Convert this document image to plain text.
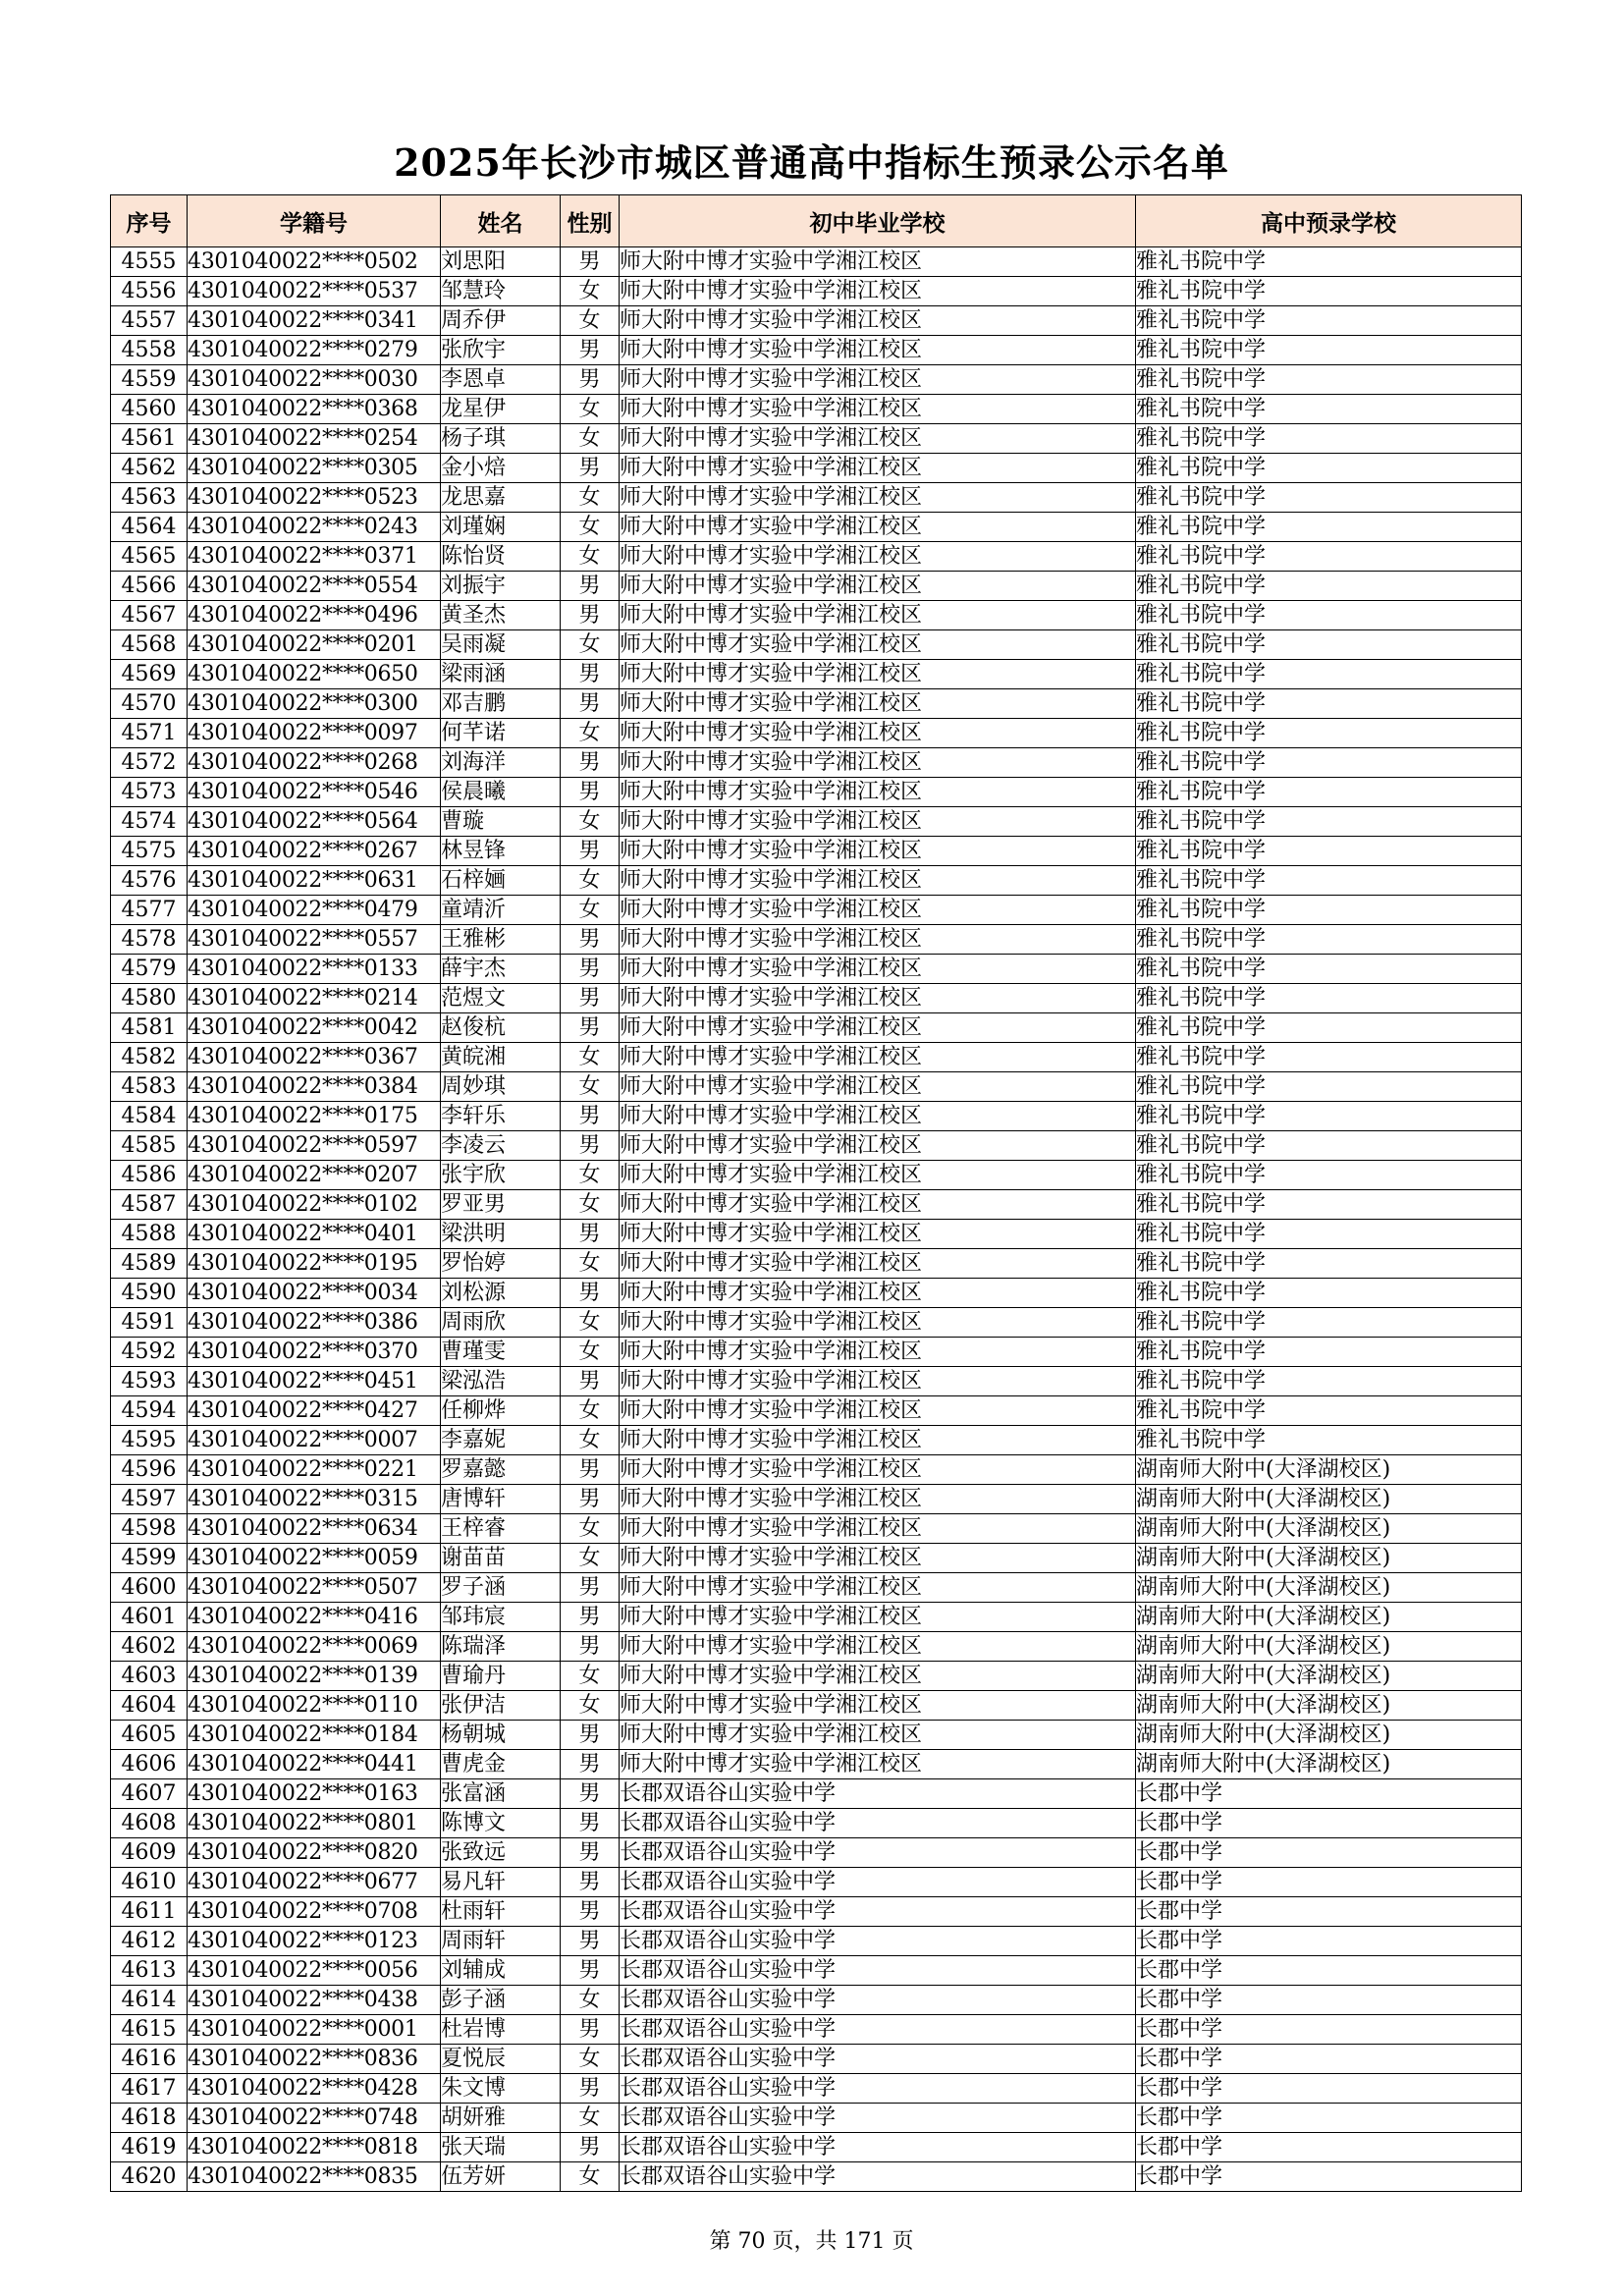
2025年长沙市城区普通高中指标生预录公示名单
序号	学籍号	姓名	性别	初中毕业学校	高中预录学校
4555	4301040022****0502	刘思阳	男	师大附中博才实验中学湘江校区	雅礼书院中学
4556	4301040022****0537	邹慧玲	女	师大附中博才实验中学湘江校区	雅礼书院中学
4557	4301040022****0341	周乔伊	女	师大附中博才实验中学湘江校区	雅礼书院中学
4558	4301040022****0279	张欣宇	男	师大附中博才实验中学湘江校区	雅礼书院中学
4559	4301040022****0030	李恩卓	男	师大附中博才实验中学湘江校区	雅礼书院中学
4560	4301040022****0368	龙星伊	女	师大附中博才实验中学湘江校区	雅礼书院中学
4561	4301040022****0254	杨子琪	女	师大附中博才实验中学湘江校区	雅礼书院中学
4562	4301040022****0305	金小焙	男	师大附中博才实验中学湘江校区	雅礼书院中学
4563	4301040022****0523	龙思嘉	女	师大附中博才实验中学湘江校区	雅礼书院中学
4564	4301040022****0243	刘瑾娴	女	师大附中博才实验中学湘江校区	雅礼书院中学
4565	4301040022****0371	陈怡贤	女	师大附中博才实验中学湘江校区	雅礼书院中学
4566	4301040022****0554	刘振宇	男	师大附中博才实验中学湘江校区	雅礼书院中学
4567	4301040022****0496	黄圣杰	男	师大附中博才实验中学湘江校区	雅礼书院中学
4568	4301040022****0201	吴雨凝	女	师大附中博才实验中学湘江校区	雅礼书院中学
4569	4301040022****0650	梁雨涵	男	师大附中博才实验中学湘江校区	雅礼书院中学
4570	4301040022****0300	邓吉鹏	男	师大附中博才实验中学湘江校区	雅礼书院中学
4571	4301040022****0097	何芊诺	女	师大附中博才实验中学湘江校区	雅礼书院中学
4572	4301040022****0268	刘海洋	男	师大附中博才实验中学湘江校区	雅礼书院中学
4573	4301040022****0546	侯晨曦	男	师大附中博才实验中学湘江校区	雅礼书院中学
4574	4301040022****0564	曹璇	女	师大附中博才实验中学湘江校区	雅礼书院中学
4575	4301040022****0267	林昱锋	男	师大附中博才实验中学湘江校区	雅礼书院中学
4576	4301040022****0631	石梓婳	女	师大附中博才实验中学湘江校区	雅礼书院中学
4577	4301040022****0479	童靖沂	女	师大附中博才实验中学湘江校区	雅礼书院中学
4578	4301040022****0557	王雅彬	男	师大附中博才实验中学湘江校区	雅礼书院中学
4579	4301040022****0133	薛宇杰	男	师大附中博才实验中学湘江校区	雅礼书院中学
4580	4301040022****0214	范煜文	男	师大附中博才实验中学湘江校区	雅礼书院中学
4581	4301040022****0042	赵俊杭	男	师大附中博才实验中学湘江校区	雅礼书院中学
4582	4301040022****0367	黄皖湘	女	师大附中博才实验中学湘江校区	雅礼书院中学
4583	4301040022****0384	周妙琪	女	师大附中博才实验中学湘江校区	雅礼书院中学
4584	4301040022****0175	李轩乐	男	师大附中博才实验中学湘江校区	雅礼书院中学
4585	4301040022****0597	李凌云	男	师大附中博才实验中学湘江校区	雅礼书院中学
4586	4301040022****0207	张宇欣	女	师大附中博才实验中学湘江校区	雅礼书院中学
4587	4301040022****0102	罗亚男	女	师大附中博才实验中学湘江校区	雅礼书院中学
4588	4301040022****0401	梁洪明	男	师大附中博才实验中学湘江校区	雅礼书院中学
4589	4301040022****0195	罗怡婷	女	师大附中博才实验中学湘江校区	雅礼书院中学
4590	4301040022****0034	刘松源	男	师大附中博才实验中学湘江校区	雅礼书院中学
4591	4301040022****0386	周雨欣	女	师大附中博才实验中学湘江校区	雅礼书院中学
4592	4301040022****0370	曹瑾雯	女	师大附中博才实验中学湘江校区	雅礼书院中学
4593	4301040022****0451	梁泓浩	男	师大附中博才实验中学湘江校区	雅礼书院中学
4594	4301040022****0427	任柳烨	女	师大附中博才实验中学湘江校区	雅礼书院中学
4595	4301040022****0007	李嘉妮	女	师大附中博才实验中学湘江校区	雅礼书院中学
4596	4301040022****0221	罗嘉懿	男	师大附中博才实验中学湘江校区	湖南师大附中(大泽湖校区)
4597	4301040022****0315	唐博轩	男	师大附中博才实验中学湘江校区	湖南师大附中(大泽湖校区)
4598	4301040022****0634	王梓睿	女	师大附中博才实验中学湘江校区	湖南师大附中(大泽湖校区)
4599	4301040022****0059	谢苗苗	女	师大附中博才实验中学湘江校区	湖南师大附中(大泽湖校区)
4600	4301040022****0507	罗子涵	男	师大附中博才实验中学湘江校区	湖南师大附中(大泽湖校区)
4601	4301040022****0416	邹玮宸	男	师大附中博才实验中学湘江校区	湖南师大附中(大泽湖校区)
4602	4301040022****0069	陈瑞泽	男	师大附中博才实验中学湘江校区	湖南师大附中(大泽湖校区)
4603	4301040022****0139	曹瑜丹	女	师大附中博才实验中学湘江校区	湖南师大附中(大泽湖校区)
4604	4301040022****0110	张伊洁	女	师大附中博才实验中学湘江校区	湖南师大附中(大泽湖校区)
4605	4301040022****0184	杨朝城	男	师大附中博才实验中学湘江校区	湖南师大附中(大泽湖校区)
4606	4301040022****0441	曹虎金	男	师大附中博才实验中学湘江校区	湖南师大附中(大泽湖校区)
4607	4301040022****0163	张富涵	男	长郡双语谷山实验中学	长郡中学
4608	4301040022****0801	陈博文	男	长郡双语谷山实验中学	长郡中学
4609	4301040022****0820	张致远	男	长郡双语谷山实验中学	长郡中学
4610	4301040022****0677	易凡轩	男	长郡双语谷山实验中学	长郡中学
4611	4301040022****0708	杜雨轩	男	长郡双语谷山实验中学	长郡中学
4612	4301040022****0123	周雨轩	男	长郡双语谷山实验中学	长郡中学
4613	4301040022****0056	刘辅成	男	长郡双语谷山实验中学	长郡中学
4614	4301040022****0438	彭子涵	女	长郡双语谷山实验中学	长郡中学
4615	4301040022****0001	杜岩博	男	长郡双语谷山实验中学	长郡中学
4616	4301040022****0836	夏悦辰	女	长郡双语谷山实验中学	长郡中学
4617	4301040022****0428	朱文博	男	长郡双语谷山实验中学	长郡中学
4618	4301040022****0748	胡妍雅	女	长郡双语谷山实验中学	长郡中学
4619	4301040022****0818	张天瑞	男	长郡双语谷山实验中学	长郡中学
4620	4301040022****0835	伍芳妍	女	长郡双语谷山实验中学	长郡中学
第 70 页，共 171 页
